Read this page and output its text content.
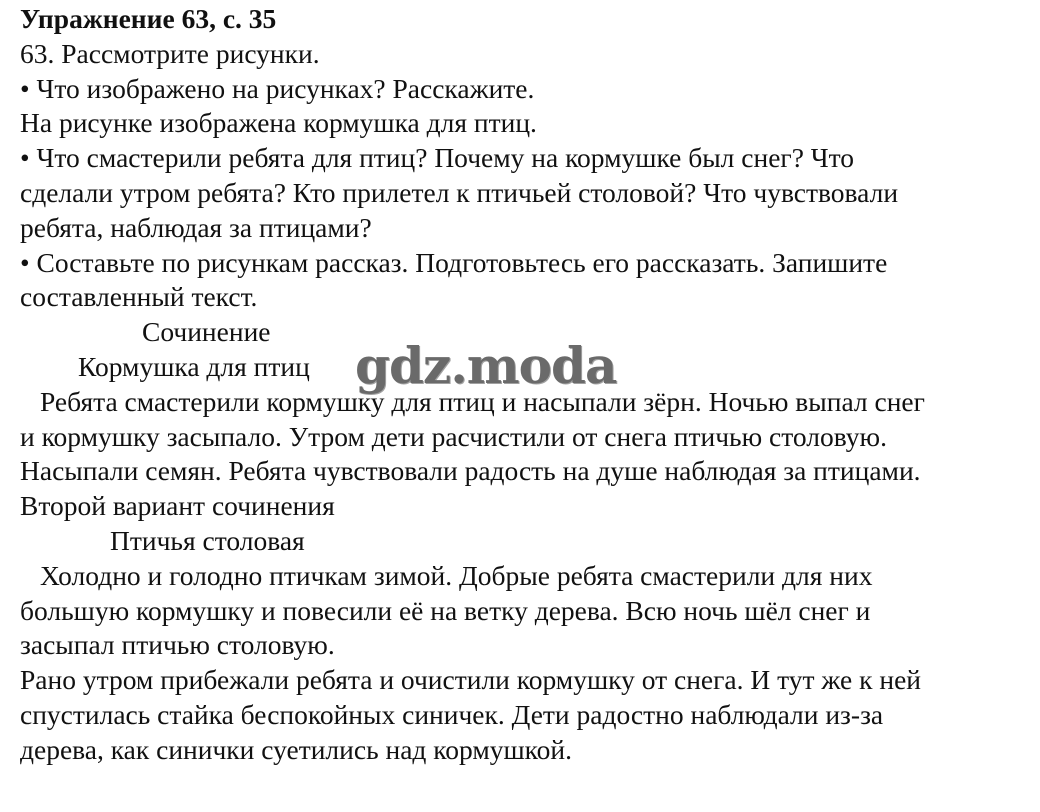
Упражнение 63, с. 35

63. Рассмотрите рисунки.

• Что изображено на рисунках? Расскажите.

На рисунке изображена кормушка для птиц.

• Что смастерили ребята для птиц? Почему на кормушке был снег? Что

сделали утром ребята? Кто прилетел к птичьей столовой? Что чувствовали

ребята, наблюдая за птицами?

• Составьте по рисункам рассказ. Подготовьтесь его рассказать. Запишите

составленный текст.

Сочинение

Кормушка для птиц gdz.moda

Ребята смастерили кормушку для птиц и насыпали зёрн. Ночью выпал снег

и кормушку засыпало. Утром дети расчистили от снега птичью столовую.

Насыпали семян. Ребята чувствовали радость на душе наблюдая за птицами.

Второй вариант сочинения

Птичья столовая

Холодно и голодно птичкам зимой. Добрые ребята смастерили для них

большую кормушку и повесили её на ветку дерева. Всю ночь шёл снег и

засыпал птичью столовую.

Рано утром прибежали ребята и очистили кормушку от снега. И тут же к ней

спустилась стайка беспокойных синичек. Дети радостно наблюдали из-за

дерева, как синички суетились над кормушкой.
